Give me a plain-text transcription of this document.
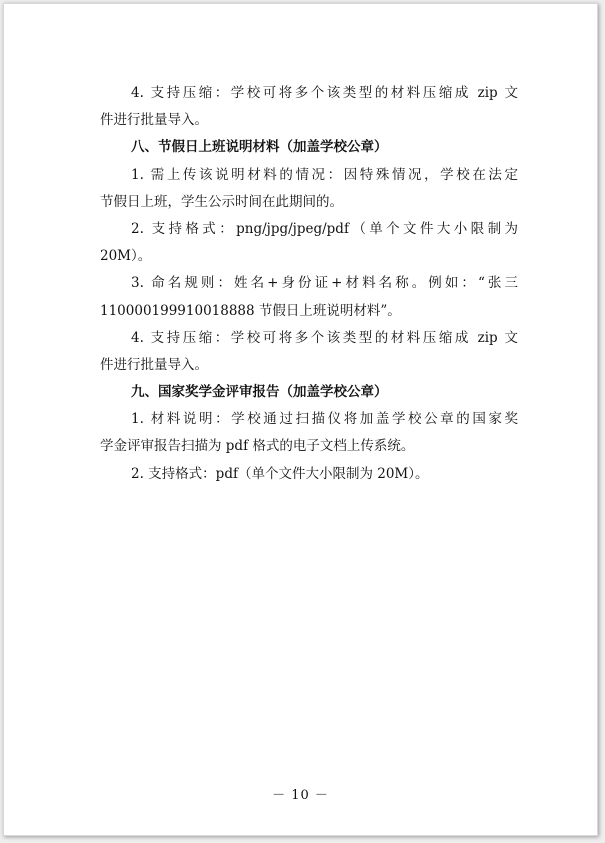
4. 支持压缩：学校可将多个该类型的材料压缩成 zip 文
件进行批量导入。
八、节假日上班说明材料（加盖学校公章）
1. 需上传该说明材料的情况：因特殊情况，学校在法定
节假日上班，学生公示时间在此期间的。
2. 支持格式：png/jpg/jpeg/pdf（单个文件大小限制为
20M）。
3. 命名规则：姓名+身份证+材料名称。例如：“张三
110000199910018888 节假日上班说明材料”。
4. 支持压缩：学校可将多个该类型的材料压缩成 zip 文
件进行批量导入。
九、国家奖学金评审报告（加盖学校公章）
1. 材料说明：学校通过扫描仪将加盖学校公章的国家奖
学金评审报告扫描为 pdf 格式的电子文档上传系统。
2. 支持格式：pdf（单个文件大小限制为 20M）。
－ 10 －
